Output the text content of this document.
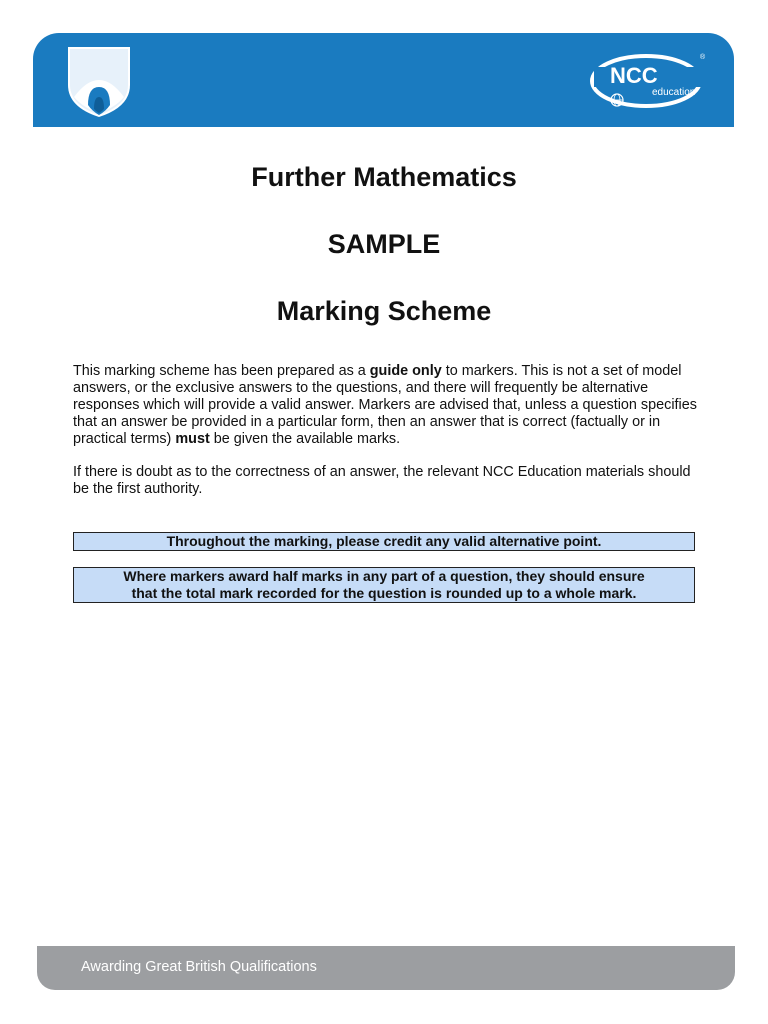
NCC
education
®
Further Mathematics
SAMPLE
Marking Scheme

This marking scheme has been prepared as a guide only to markers. This is not a set of model answers, or the exclusive answers to the questions, and there will frequently be alternative responses which will provide a valid answer. Markers are advised that, unless a question specifies that an answer be provided in a particular form, then an answer that is correct (factually or in practical terms) must be given the available marks.

If there is doubt as to the correctness of an answer, the relevant NCC Education materials should be the first authority.

Throughout the marking, please credit any valid alternative point.
Where markers award half marks in any part of a question, they should ensure
that the total mark recorded for the question is rounded up to a whole mark.
Awarding Great British Qualifications
